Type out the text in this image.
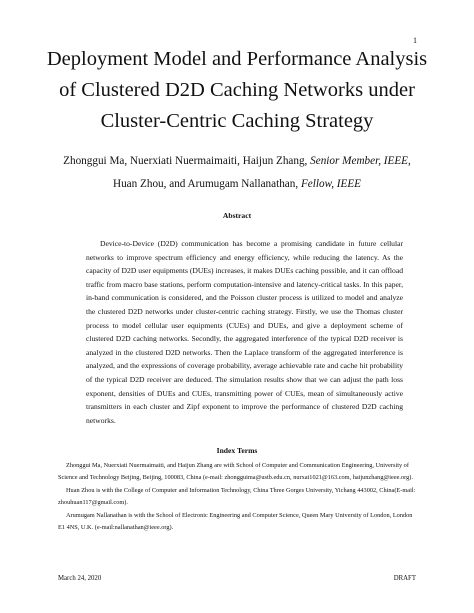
1
Deployment Model and Performance Analysis
of Clustered D2D Caching Networks under
Cluster-Centric Caching Strategy
Zhonggui Ma, Nuerxiati Nuermaimaiti, Haijun Zhang, Senior Member, IEEE,
Huan Zhou, and Arumugam Nallanathan, Fellow, IEEE
Abstract

Device-to-Device (D2D) communication has become a promising candidate in future cellular networks to improve spectrum efficiency and energy efficiency, while reducing the latency. As the capacity of D2D user equipments (DUEs) increases, it makes DUEs caching possible, and it can offload traffic from macro base stations, perform computation-intensive and latency-critical tasks. In this paper, in-band communication is considered, and the Poisson cluster process is utilized to model and analyze the clustered D2D networks under cluster-centric caching strategy. Firstly, we use the Thomas cluster process to model cellular user equipments (CUEs) and DUEs, and give a deployment scheme of clustered D2D caching networks. Secondly, the aggregated interference of the typical D2D receiver is analyzed in the clustered D2D networks. Then the Laplace transform of the aggregated interference is analyzed, and the expressions of coverage probability, average achievable rate and cache hit probability of the typical D2D receiver are deduced. The simulation results show that we can adjust the path loss exponent, densities of DUEs and CUEs, transmitting power of CUEs, mean of simultaneously active transmitters in each cluster and Zipf exponent to improve the performance of clustered D2D caching networks.

Index Terms

Zhonggui Ma, Nuerxiati Nuermaimaiti, and Haijun Zhang are with School of Computer and Communication Engineering, University of Science and Technology Beijing, Beijing, 100083, China (e-mail: zhongguima@ustb.edu.cn, nurxat1021@163.com, haijunzhang@ieee.org).

Huan Zhou is with the College of Computer and Information Technology, China Three Gorges University, Yichang 443002, China(E-mail: zhouhuan117@gmail.com).

Arumugam Nallanathan is with the School of Electronic Engineering and Computer Science, Queen Mary University of London, London E1 4NS, U.K. (e-mail:nallanathan@ieee.org).

March 24, 2020	DRAFT
